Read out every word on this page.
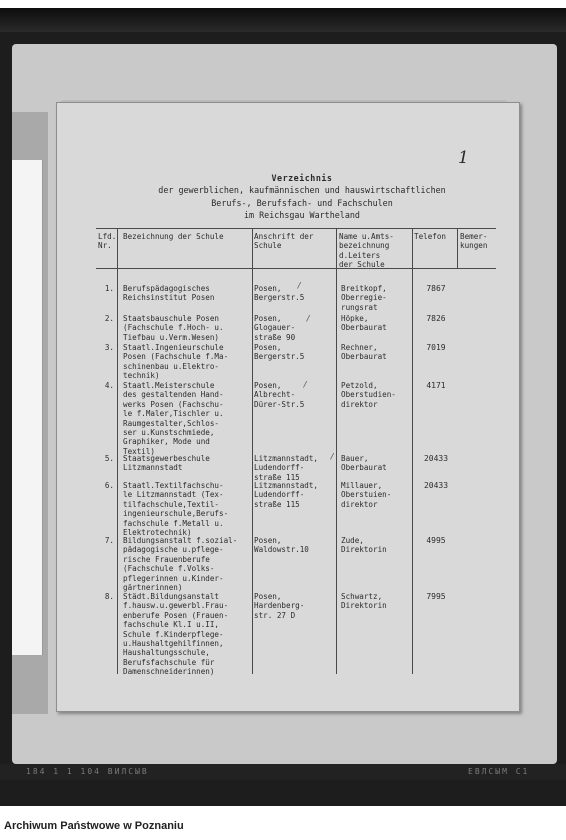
1
Verzeichnis
der gewerblichen, kaufmännischen und hauswirtschaftlichen
Berufs-, Berufsfach- und Fachschulen
im Reichsgau Wartheland
Lfd.
Nr.
Bezeichnung der Schule	Anschrift der
Schule
Name u.Amts-
bezeichnung
d.Leiters
der Schule
Telefon Bemer-
kungen
1. Berufspädagogisches
Reichsinstitut Posen
Posen,
Bergerstr.5
Breitkopf,
Oberregie-
rungsrat
7867
2. Staatsbauschule Posen
(Fachschule f.Hoch- u.
Tiefbau u.Verm.Wesen)
Posen,
Glogauer-
straße 90
Höpke,
Oberbaurat
7826
3. Staatl.Ingenieurschule
Posen (Fachschule f.Ma-
schinenbau u.Elektro-
technik)
Posen,
Bergerstr.5
Rechner,
Oberbaurat
7019
4. Staatl.Meisterschule
des gestaltenden Hand-
werks Posen (Fachschu-
le f.Maler,Tischler u.
Raumgestalter,Schlos-
ser u.Kunstschmiede,
Graphiker, Mode und
Textil)
Posen,
Albrecht-
Dürer-Str.5
Petzold,
Oberstudien-
direktor
4171
5. Staatsgewerbeschule
Litzmannstadt
Litzmannstadt,
Ludendorff-
straße 115
Bauer,
Oberbaurat
20433
6. Staatl.Textilfachschu-
le Litzmannstadt (Tex-
tilfachschule,Textil-
ingenieurschule,Berufs-
fachschule f.Metall u.
Elektrotechnik)
Litzmannstadt,
Ludendorff-
straße 115
Millauer,
Oberstuien-
direktor
20433
7. Bildungsanstalt f.sozial-
pädagogische u.pflege-
rische Frauenberufe
(Fachschule f.Volks-
pflegerinnen u.Kinder-
gärtnerinnen)
Posen,
Waldowstr.10
Zude,
Direktorin
4995
8. Städt.Bildungsanstalt
f.hausw.u.gewerbl.Frau-
enberufe Posen (Frauen-
fachschule Kl.I u.II,
Schule f.Kinderpflege-
u.Haushaltgehilfinnen,
Haushaltungsschule,
Berufsfachschule für
Damenschneiderinnen)
Posen,
Hardenberg-
str. 27 D
Schwartz,
Direktorin
7995
/
/
/
/
184 1 1 104 ВИЛСЫВ	ЕВЛСЫМ С1
Archiwum Państwowe w Poznaniu
